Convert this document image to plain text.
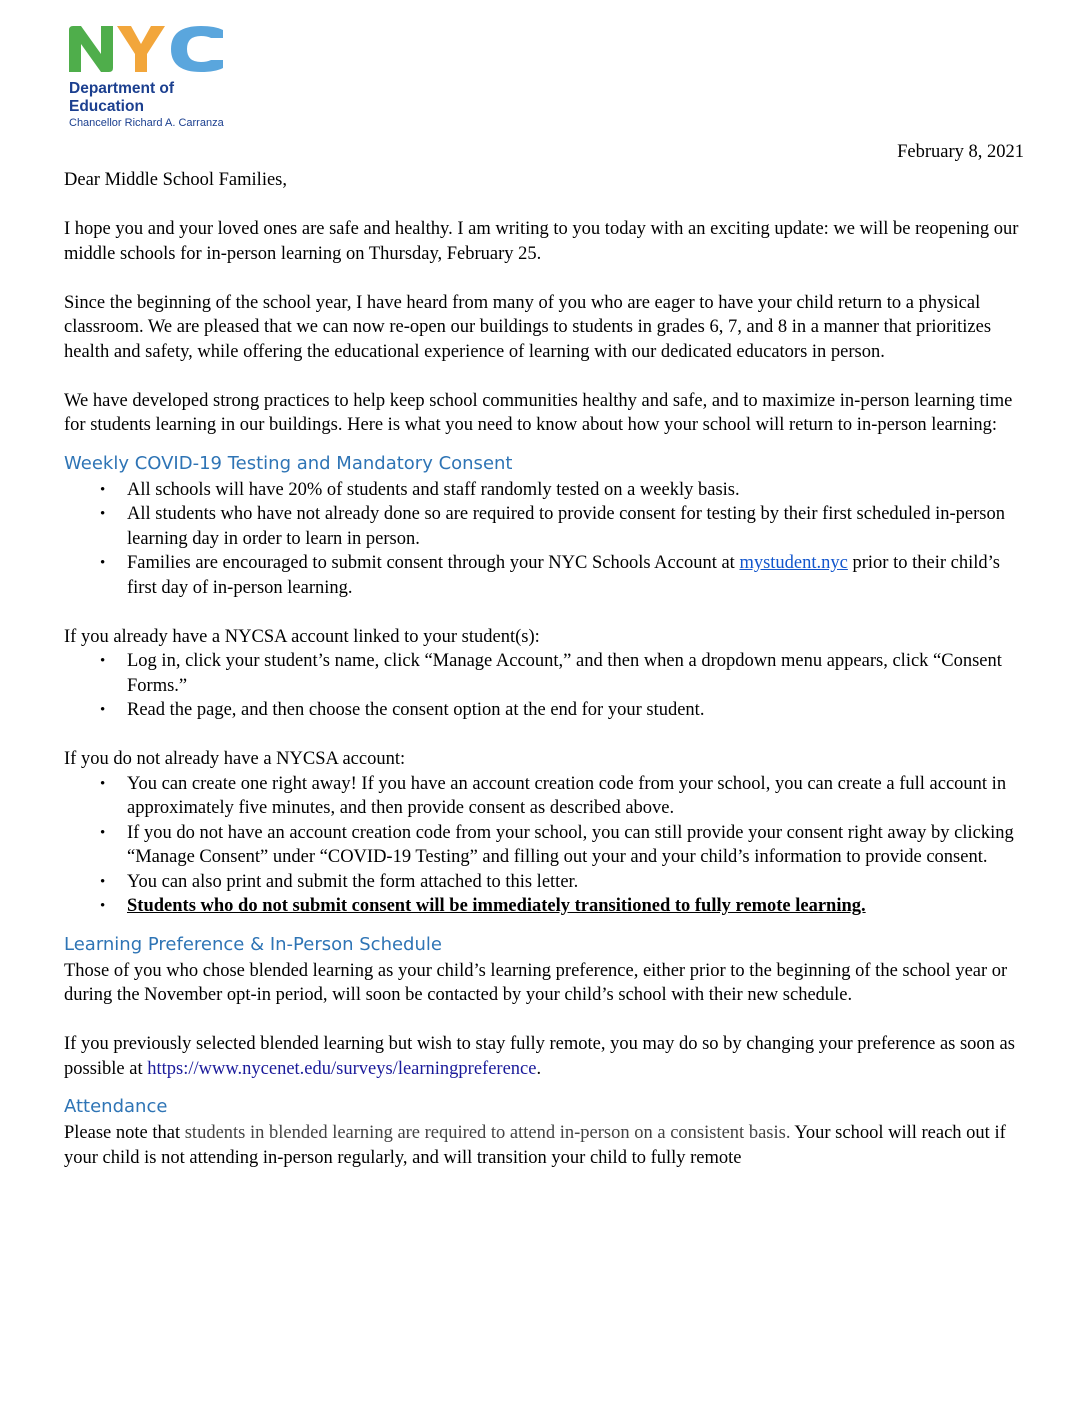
Department of
Education
Chancellor Richard A. Carranza
February 8, 2021

Dear Middle School Families,

I hope you and your loved ones are safe and healthy. I am writing to you today with an exciting update: we will be reopening our middle schools for in-person learning on Thursday, February 25.

Since the beginning of the school year, I have heard from many of you who are eager to have your child return to a physical classroom. We are pleased that we can now re-open our buildings to students in grades 6, 7, and 8 in a manner that prioritizes health and safety, while offering the educational experience of learning with our dedicated educators in person.

We have developed strong practices to help keep school communities healthy and safe, and to maximize in-person learning time for students learning in our buildings. Here is what you need to know about how your school will return to in-person learning:

Weekly COVID-19 Testing and Mandatory Consent
• All schools will have 20% of students and staff randomly tested on a weekly basis.
• All students who have not already done so are required to provide consent for testing by their first scheduled in-person learning day in order to learn in person.
• Families are encouraged to submit consent through your NYC Schools Account at mystudent.nyc prior to their child’s first day of in-person learning.

If you already have a NYCSA account linked to your student(s):

• Log in, click your student’s name, click “Manage Account,” and then when a dropdown menu appears, click “Consent Forms.”
• Read the page, and then choose the consent option at the end for your student.

If you do not already have a NYCSA account:

• You can create one right away! If you have an account creation code from your school, you can create a full account in approximately five minutes, and then provide consent as described above.
• If you do not have an account creation code from your school, you can still provide your consent right away by clicking “Manage Consent” under “COVID-19 Testing” and filling out your and your child’s information to provide consent.
• You can also print and submit the form attached to this letter.
• Students who do not submit consent will be immediately transitioned to fully remote learning.
Learning Preference & In-Person Schedule

Those of you who chose blended learning as your child’s learning preference, either prior to the beginning of the school year or during the November opt-in period, will soon be contacted by your child’s school with their new schedule.

If you previously selected blended learning but wish to stay fully remote, you may do so by changing your preference as soon as possible at https://www.nycenet.edu/surveys/learningpreference.

Attendance

Please note that students in blended learning are required to attend in-person on a consistent basis. Your school will reach out if your child is not attending in-person regularly, and will transition your child to fully remote
